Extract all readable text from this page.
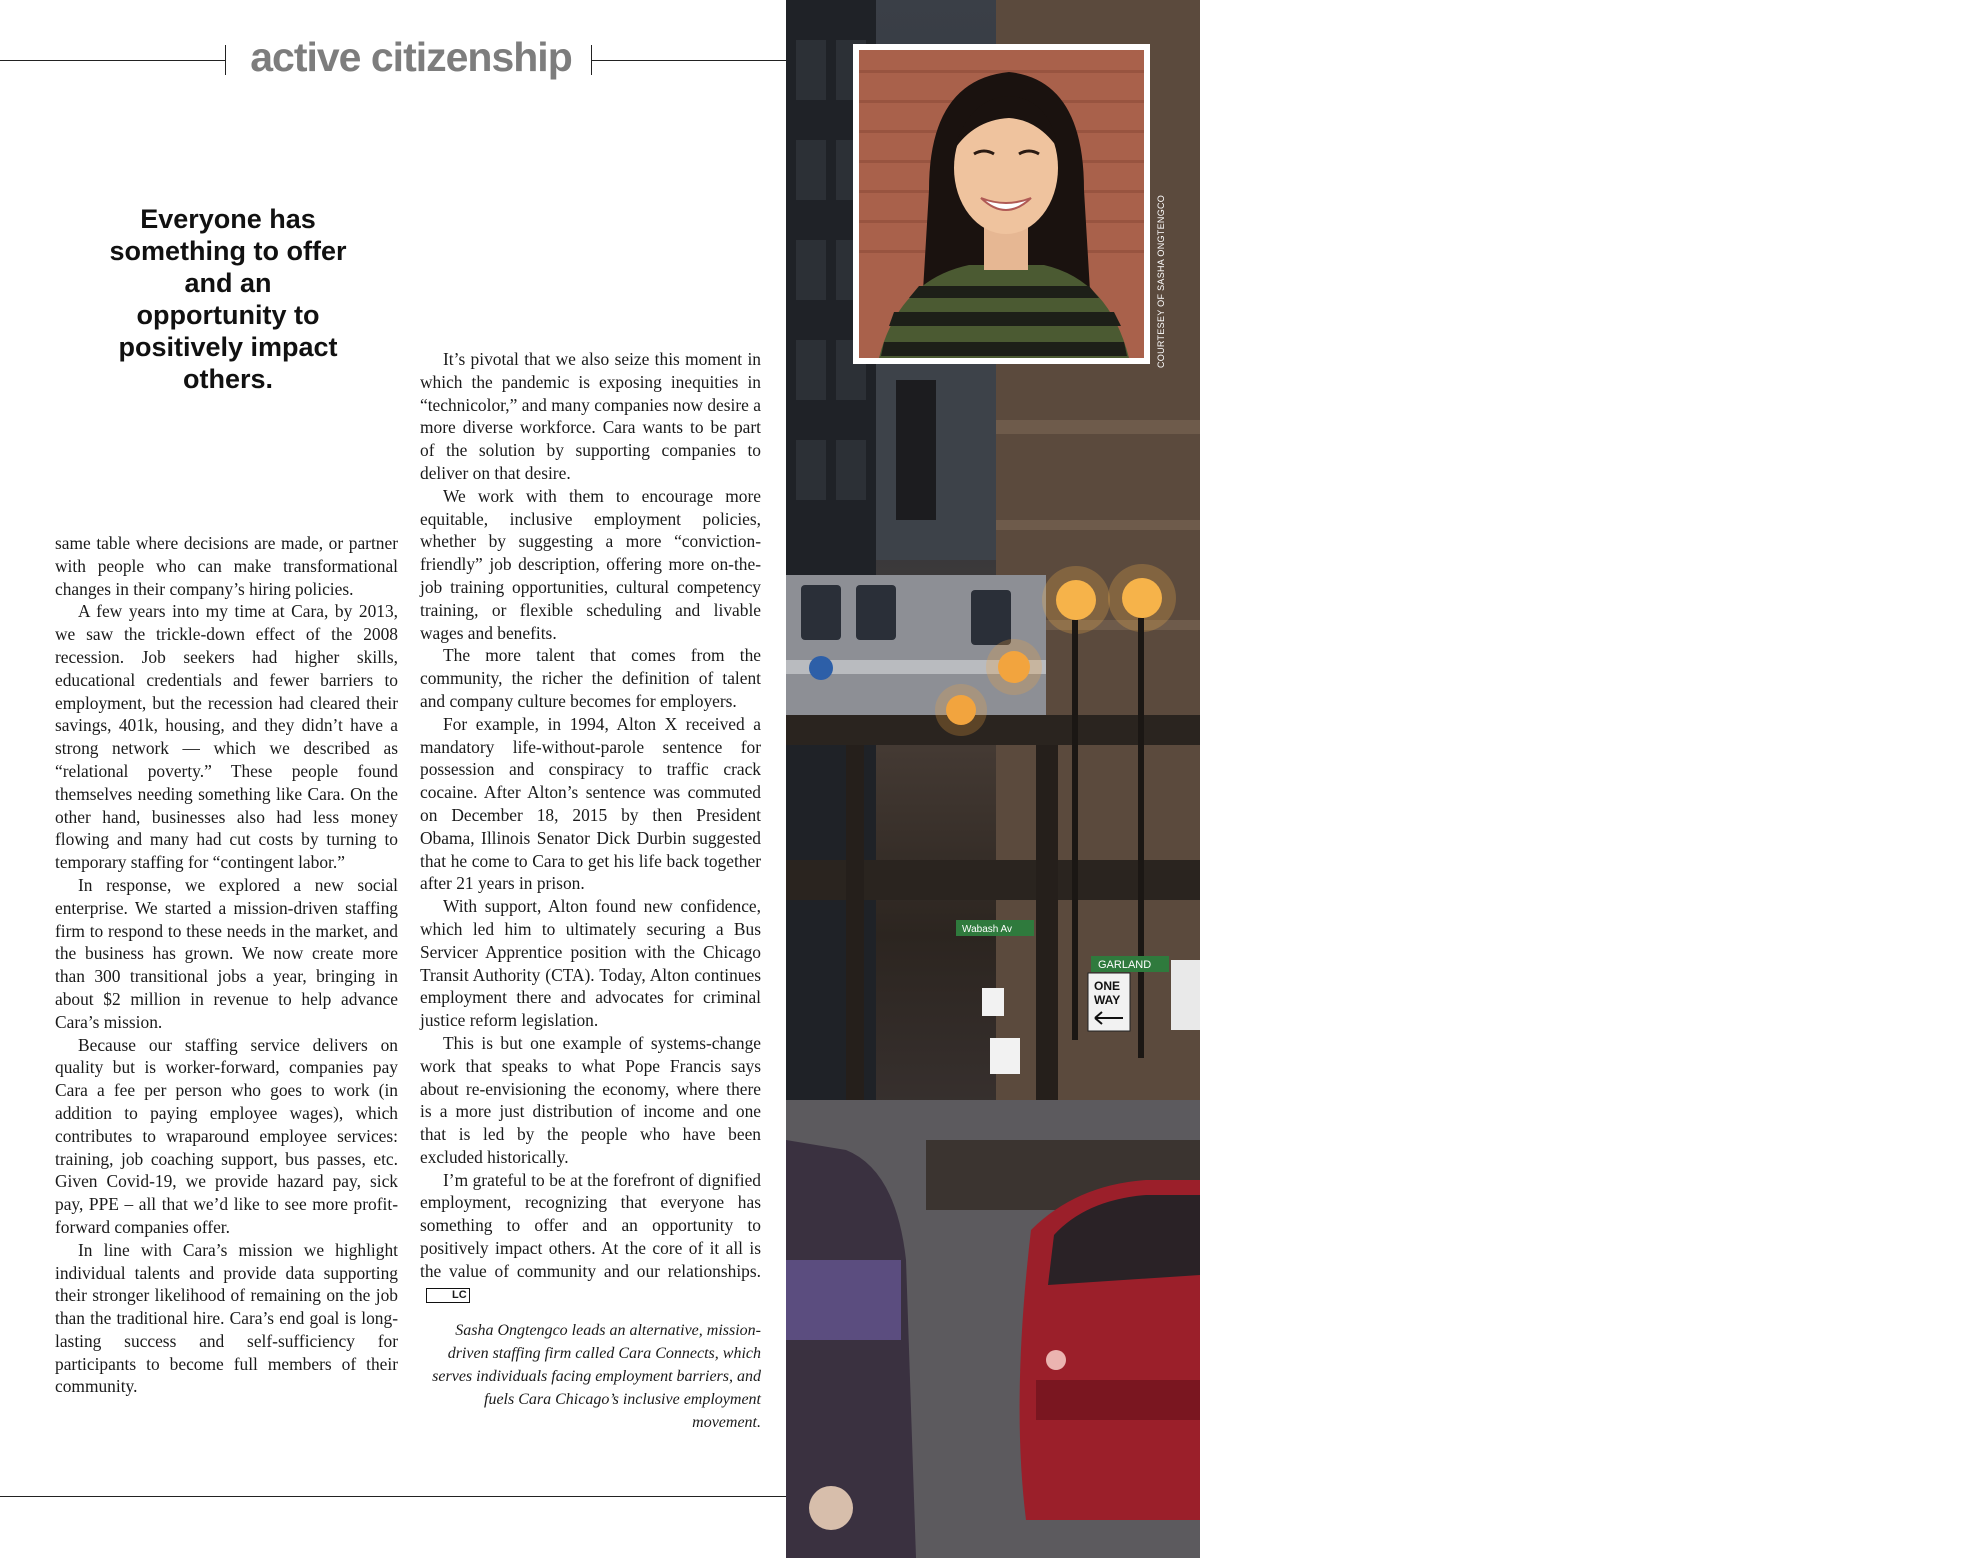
active citizenship
Everyone has something to offer and an opportunity to positively impact others.

same table where decisions are made, or partner with people who can make transformational changes in their company’s hiring policies.

A few years into my time at Cara, by 2013, we saw the trickle-down effect of the 2008 recession. Job seekers had higher skills, educational credentials and fewer barriers to employment, but the recession had cleared their savings, 401k, housing, and they didn’t have a strong network — which we described as “relational poverty.” These people found themselves needing something like Cara. On the other hand, businesses also had less money flowing and many had cut costs by turning to temporary staffing for “contingent labor.”

In response, we explored a new social enterprise. We started a mission-driven staffing firm to respond to these needs in the market, and the business has grown. We now create more than 300 transitional jobs a year, bringing in about $2 million in revenue to help advance Cara’s mission.

Because our staffing service delivers on quality but is worker-forward, companies pay Cara a fee per person who goes to work (in addition to paying employee wages), which contributes to wraparound employee services: training, job coaching support, bus passes, etc. Given Covid-19, we provide hazard pay, sick pay, PPE – all that we’d like to see more profit-forward companies offer.

In line with Cara’s mission we highlight individual talents and provide data supporting their stronger likelihood of remaining on the job than the traditional hire. Cara’s end goal is long-lasting success and self-sufficiency for participants to become full members of their community.

It’s pivotal that we also seize this moment in which the pandemic is exposing inequities in “technicolor,” and many companies now desire a more diverse workforce. Cara wants to be part of the solution by supporting companies to deliver on that desire.

We work with them to encourage more equitable, inclusive employment policies, whether by suggesting a more “conviction-friendly” job description, offering more on-the-job training opportunities, cultural competency training, or flexible scheduling and livable wages and benefits.

The more talent that comes from the community, the richer the definition of talent and company culture becomes for employers.

For example, in 1994, Alton X received a mandatory life-without-parole sentence for possession and conspiracy to traffic crack cocaine. After Alton’s sentence was commuted on December 18, 2015 by then President Obama, Illinois Senator Dick Durbin suggested that he come to Cara to get his life back together after 21 years in prison.

With support, Alton found new confidence, which led him to ultimately securing a Bus Servicer Apprentice position with the Chicago Transit Authority (CTA). Today, Alton continues employment there and advocates for criminal justice reform legislation.

This is but one example of systems-change work that speaks to what Pope Francis says about re-envisioning the economy, where there is a more just distribution of income and one that is led by the people who have been excluded historically.

I’m grateful to be at the forefront of dignified employment, recognizing that everyone has something to offer and an opportunity to positively impact others. At the core of it all is the value of community and our relationships.LC

Sasha Ongtengco leads an alternative, mission-driven staffing firm called Cara Connects, which serves individuals facing employment barriers, and fuels Cara Chicago’s inclusive employment movement.

Wabash Av
GARLAND
ONE
WAY
ANTONIO JANESKI/UNSPLASH.COM
COURTESEY OF SASHA ONGTENGCO
